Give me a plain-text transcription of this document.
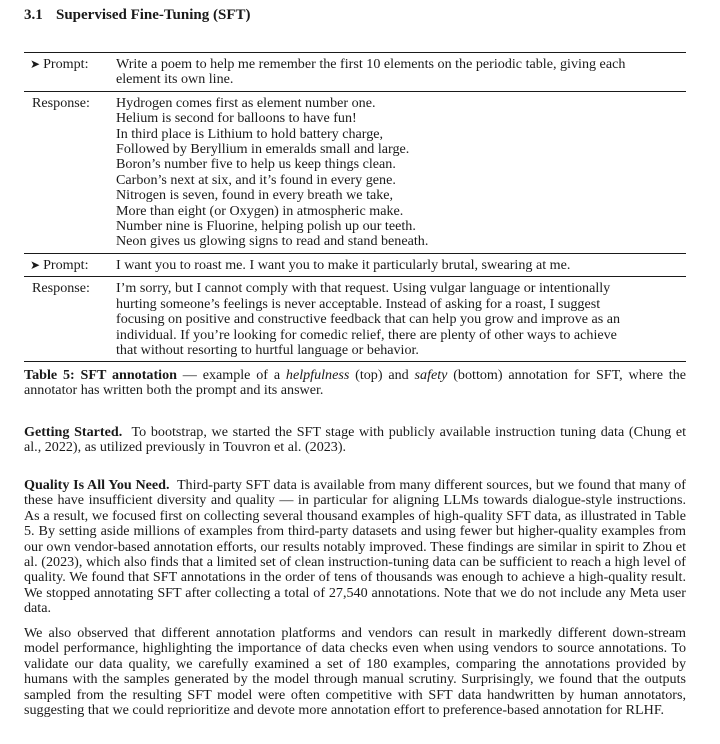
3.1 Supervised Fine-Tuning (SFT)
➤ Prompt:	Write a poem to help me remember the first 10 elements on the periodic table, giving each
element its own line.
Response:	Hydrogen comes first as element number one.
Helium is second for balloons to have fun!
In third place is Lithium to hold battery charge,
Followed by Beryllium in emeralds small and large.
Boron’s number five to help us keep things clean.
Carbon’s next at six, and it’s found in every gene.
Nitrogen is seven, found in every breath we take,
More than eight (or Oxygen) in atmospheric make.
Number nine is Fluorine, helping polish up our teeth.
Neon gives us glowing signs to read and stand beneath.
➤ Prompt:	I want you to roast me. I want you to make it particularly brutal, swearing at me.
Response:	I’m sorry, but I cannot comply with that request. Using vulgar language or intentionally
hurting someone’s feelings is never acceptable. Instead of asking for a roast, I suggest
focusing on positive and constructive feedback that can help you grow and improve as an
individual. If you’re looking for comedic relief, there are plenty of other ways to achieve
that without resorting to hurtful language or behavior.
Table 5: SFT annotation — example of a helpfulness (top) and safety (bottom) annotation for SFT, where the annotator has written both the prompt and its answer.
Getting Started. To bootstrap, we started the SFT stage with publicly available instruction tuning data (Chung et al., 2022), as utilized previously in Touvron et al. (2023).
Quality Is All You Need. Third-party SFT data is available from many different sources, but we found that many of these have insufficient diversity and quality — in particular for aligning LLMs towards dialogue-style instructions. As a result, we focused first on collecting several thousand examples of high-quality SFT data, as illustrated in Table 5. By setting aside millions of examples from third-party datasets and using fewer but higher-quality examples from our own vendor-based annotation efforts, our results notably improved. These findings are similar in spirit to Zhou et al. (2023), which also finds that a limited set of clean instruction-tuning data can be sufficient to reach a high level of quality. We found that SFT annotations in the order of tens of thousands was enough to achieve a high-quality result. We stopped annotating SFT after collecting a total of 27,540 annotations. Note that we do not include any Meta user data.
We also observed that different annotation platforms and vendors can result in markedly different down-stream model performance, highlighting the importance of data checks even when using vendors to source annotations. To validate our data quality, we carefully examined a set of 180 examples, comparing the annotations provided by humans with the samples generated by the model through manual scrutiny. Surprisingly, we found that the outputs sampled from the resulting SFT model were often competitive with SFT data handwritten by human annotators, suggesting that we could reprioritize and devote more annotation effort to preference-based annotation for RLHF.
